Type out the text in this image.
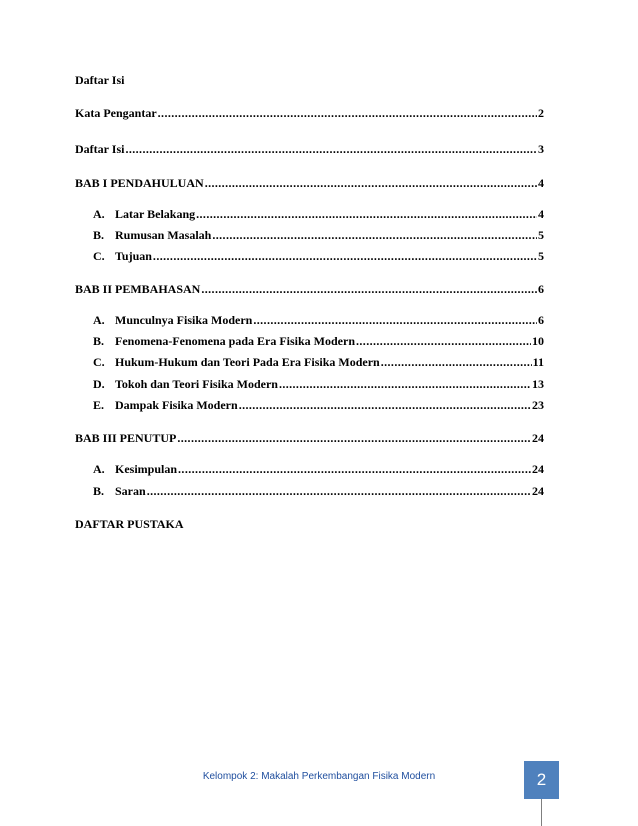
Daftar Isi
Kata Pengantar .....	2
Daftar Isi .....	3
BAB I PENDAHULUAN .....	4
A. Latar Belakang .....	4
B. Rumusan Masalah .....	5
C. Tujuan .....	5
BAB II PEMBAHASAN .....	6
A. Munculnya Fisika Modern .....	6
B. Fenomena-Fenomena pada Era Fisika Modern .....	10
C. Hukum-Hukum dan Teori Pada Era Fisika Modern .....	11
D. Tokoh dan Teori Fisika Modern .....	13
E. Dampak Fisika Modern .....	23
BAB III PENUTUP .....	24
A. Kesimpulan .....	24
B. Saran .....	24
DAFTAR PUSTAKA
Kelompok 2: Makalah Perkembangan Fisika Modern	2
